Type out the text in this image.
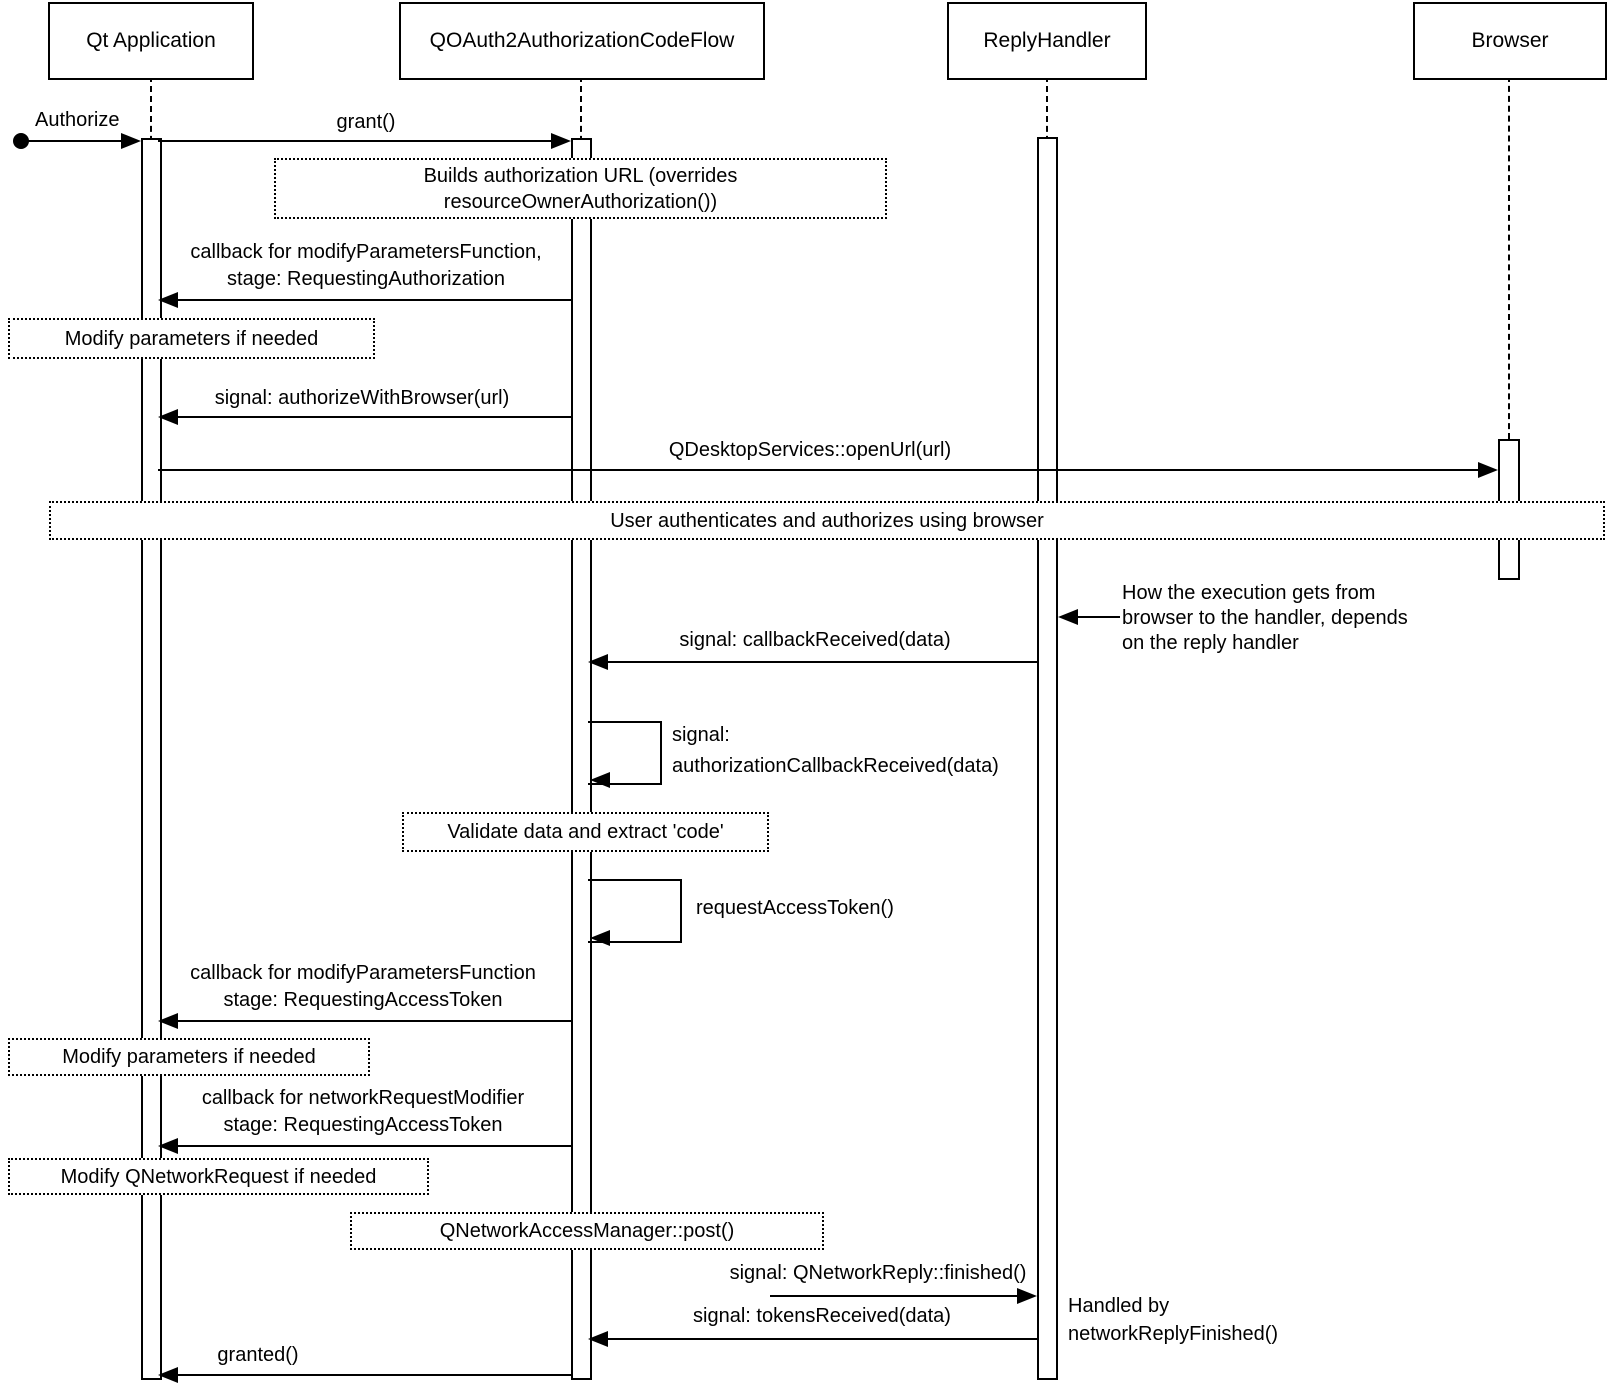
Qt Application	QOAuth2AuthorizationCodeFlow	ReplyHandler	Browser
Authorize	grant()
Builds authorization URL (overrides
resourceOwnerAuthorization())
callback for modifyParametersFunction,
stage: RequestingAuthorization
Modify parameters if needed
signal: authorizeWithBrowser(url)
QDesktopServices::openUrl(url)
User authenticates and authorizes using browser
How the execution gets from
browser to the handler, depends
on the reply handler
signal: callbackReceived(data)
signal:
authorizationCallbackReceived(data)
Validate data and extract 'code'
requestAccessToken()
callback for modifyParametersFunction
stage: RequestingAccessToken
Modify parameters if needed
callback for networkRequestModifier
stage: RequestingAccessToken
Modify QNetworkRequest if needed
QNetworkAccessManager::post()
signal: QNetworkReply::finished()
Handled by
networkReplyFinished()
signal: tokensReceived(data)
granted()
